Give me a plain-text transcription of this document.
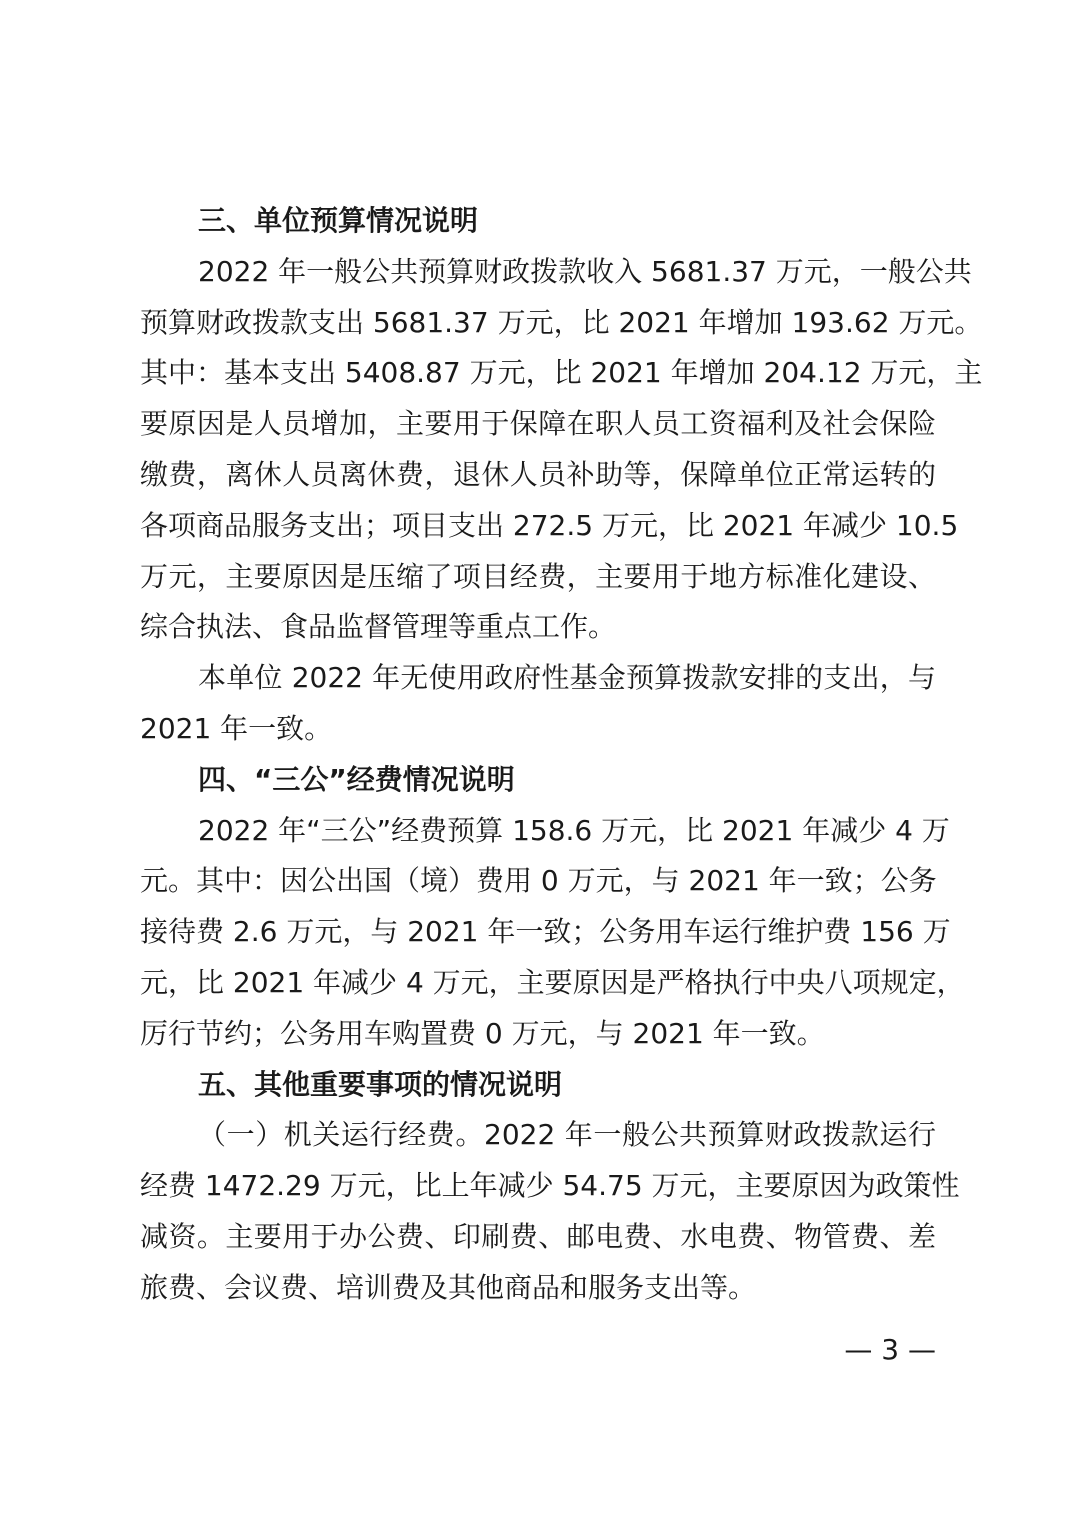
三、单位预算情况说明
2022 年一般公共预算财政拨款收入 5681.37 万元，一般公共
预算财政拨款支出 5681.37 万元，比 2021 年增加 193.62 万元。
其中：基本支出 5408.87 万元，比 2021 年增加 204.12 万元，主
要原因是人员增加，主要用于保障在职人员工资福利及社会保险
缴费，离休人员离休费，退休人员补助等，保障单位正常运转的
各项商品服务支出；项目支出 272.5 万元，比 2021 年减少 10.5
万元，主要原因是压缩了项目经费，主要用于地方标准化建设、
综合执法、食品监督管理等重点工作。
本单位 2022 年无使用政府性基金预算拨款安排的支出，与
2021 年一致。
四、“三公”经费情况说明
2022 年“三公”经费预算 158.6 万元，比 2021 年减少 4 万
元。其中：因公出国（境）费用 0 万元，与 2021 年一致；公务
接待费 2.6 万元，与 2021 年一致；公务用车运行维护费 156 万
元，比 2021 年减少 4 万元，主要原因是严格执行中央八项规定，
厉行节约；公务用车购置费 0 万元，与 2021 年一致。
五、其他重要事项的情况说明
（一）机关运行经费。2022 年一般公共预算财政拨款运行
经费 1472.29 万元，比上年减少 54.75 万元，主要原因为政策性
减资。主要用于办公费、印刷费、邮电费、水电费、物管费、差
旅费、会议费、培训费及其他商品和服务支出等。
— 3 —
